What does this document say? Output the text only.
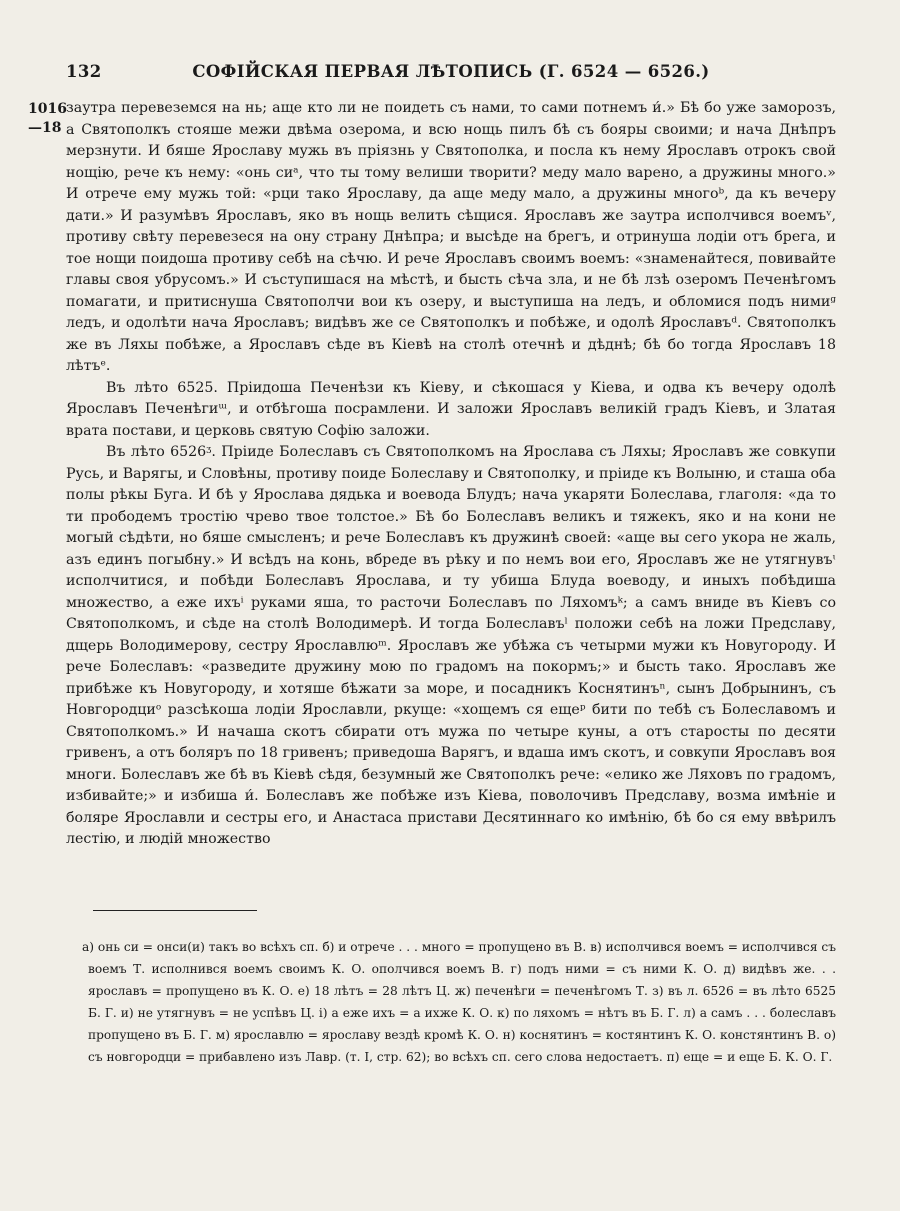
132	СОФІЙСКАЯ ПЕРВАЯ ЛѢТОПИСЬ (Г. 6524 — 6526.)
1016
—18

заутра перевеземся на нь; аще кто ли не поидеть съ нами, то сами потнемъ и́.» Бѣ бо уже заморозъ, а Святополкъ стояше межи двѣма озерома, и всю нощь пилъ бѣ съ бояры своими; и нача Днѣпръ мерзнути. И бяше Ярославу мужь въ пріязнь у Святополка, и посла къ нему Ярославъ отрокъ свой нощію, рече къ нему: «онь сиᵃ, что ты тому велиши творити? меду мало варено, а дружины много.» И отрече ему мужь той: «рци тако Ярославу, да аще меду мало, а дружины многоᵇ, да къ вечеру дати.» И разумѣвъ Ярославъ, яко въ нощь велить сѣщися. Ярославъ же заутра исполчився воемъᵛ, противу свѣту перевезеся на ону страну Днѣпра; и высѣде на брегъ, и отринуша лодіи отъ брега, и тое нощи поидоша противу себѣ на сѣчю. И рече Ярославъ своимъ воемъ: «знаменайтеся, повивайте главы своя убрусомъ.» И съступишася на мѣстѣ, и бысть сѣча зла, и не бѣ лзѣ озеромъ Печенѣгомъ помагати, и притиснуша Святополчи вои къ озеру, и выступиша на ледъ, и обломися подъ нимиᵍ ледъ, и одолѣти нача Ярославъ; видѣвъ же се Святополкъ и побѣже, и одолѣ Ярославъᵈ. Святополкъ же въ Ляхы побѣже, а Ярославъ сѣде въ Кіевѣ на столѣ отечнѣ и дѣднѣ; бѣ бо тогда Ярославъ 18 лѣтъᵉ.

Въ лѣто 6525. Пріидоша Печенѣзи къ Кіеву, и сѣкошася у Кіева, и одва къ вечеру одолѣ Ярославъ Печенѣгиᵚ, и отбѣгоша посрамлени. И заложи Ярославъ великій градъ Кіевъ, и Златая врата постави, и церковь святую Софію заложи.

Въ лѣто 6526ᶾ. Пріиде Болеславъ съ Святополкомъ на Ярослава съ Ляхы; Ярославъ же совкупи Русь, и Варягы, и Словѣны, противу поиде Болеславу и Святополку, и пріиде къ Волыню, и сташа оба полы рѣкы Буга. И бѣ у Ярослава дядька и воевода Блудъ; нача укаряти Болеслава, глаголя: «да то ти прободемъ тростію чрево твое толстое.» Бѣ бо Болеславъ великъ и тяжекъ, яко и на кони не могый сѣдѣти, но бяше смысленъ; и рече Болеславъ къ дружинѣ своей: «аще вы сего укора не жаль, азъ единъ погыбну.» И всѣдъ на конь, вбреде въ рѣку и по немъ вои его, Ярославъ же не утягнувъᶥ исполчитися, и побѣди Болеславъ Ярослава, и ту убиша Блуда воеводу, и иныхъ побѣдиша множество, а еже ихъⁱ руками яша, то расточи Болеславъ по Ляхомъᵏ; а самъ вниде въ Кіевъ со Святополкомъ, и сѣде на столѣ Володимерѣ. И тогда Болеславъˡ положи себѣ на ложи Предславу, дщерь Володимерову, сестру Ярославлюᵐ. Ярославъ же убѣжа съ четырми мужи къ Новугороду. И рече Болеславъ: «разведите дружину мою по градомъ на покормъ;» и бысть тако. Ярославъ же прибѣже къ Новугороду, и хотяше бѣжати за море, и посадникъ Коснятинъⁿ, сынъ Добрынинъ, съ Новгородциᵒ разсѣкоша лодіи Ярославли, ркуще: «хощемъ ся ещеᵖ бити по тебѣ съ Болеславомъ и Святополкомъ.» И начаша скотъ сбирати отъ мужа по четыре куны, а отъ старосты по десяти гривенъ, а отъ боляръ по 18 гривенъ; приведоша Варягъ, и вдаша имъ скотъ, и совкупи Ярославъ воя многи. Болеславъ же бѣ въ Кіевѣ сѣдя, безумный же Святополкъ рече: «елико же Ляховъ по градомъ, избивайте;» и избиша и́. Болеславъ же побѣже изъ Кіева, поволочивъ Предславу, возма имѣніе и боляре Ярославли и сестры его, и Анастаса пристави Десятиннаго ко имѣнію, бѣ бо ся ему ввѣрилъ лестію, и людій множество

а) онь си = онси(и) такъ во всѣхъ сп. б) и отрече . . . много = пропущено въ В. в) исполчився воемъ = исполчився съ воемъ Т. исполнився воемъ своимъ К. О. ополчився воемъ В. г) подъ ними = съ ними К. О. д) видѣвъ же. . . ярославъ = пропущено въ К. О. е) 18 лѣтъ = 28 лѣтъ Ц. ж) печенѣги = печенѣгомъ Т. з) въ л. 6526 = въ лѣто 6525 Б. Г. и) не утягнувъ = не успѣвъ Ц. і) а еже ихъ = а ихже К. О. к) по ляхомъ = нѣтъ въ Б. Г. л) а самъ . . . болеславъ пропущено въ Б. Г. м) ярославлю = ярославу вездѣ кромѣ К. О. н) коснятинъ = костянтинъ К. О. констянтинъ В. о) съ новгородци = прибавлено изъ Лавр. (т. I, стр. 62); во всѣхъ сп. сего слова недостаетъ. п) еще = и еще Б. К. О. Г.
